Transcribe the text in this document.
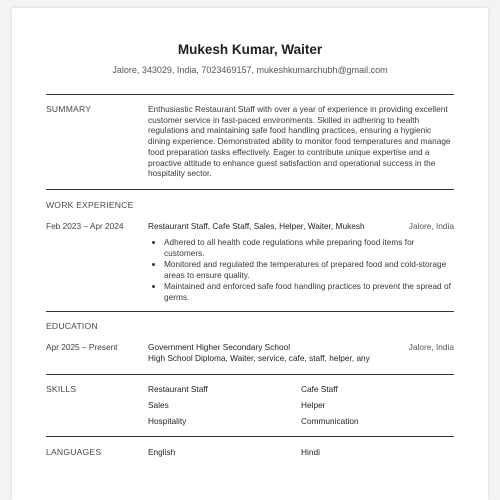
Mukesh Kumar, Waiter
Jalore, 343029, India, 7023469157, mukeshkumarchubh@gmail.com
SUMMARY	Enthusiastic Restaurant Staff with over a year of experience in providing excellent customer service in fast-paced environments. Skilled in adhering to health regulations and maintaining safe food handling practices, ensuring a hygienic dining experience. Demonstrated ability to monitor food temperatures and manage food preparation tasks effectively. Eager to contribute unique expertise and a proactive attitude to enhance guest satisfaction and operational success in the hospitality sector.
WORK EXPERIENCE
Feb 2023 – Apr 2024	Restaurant Staff, Cafe Staff, Sales, Helper, Waiter, Mukesh	Jalore, India
• Adhered to all health code regulations while preparing food items for customers.
• Monitored and regulated the temperatures of prepared food and cold-storage areas to ensure quality.
• Maintained and enforced safe food handling practices to prevent the spread of germs.
EDUCATION
Apr 2025 – Present	Government Higher Secondary School	Jalore, India
High School Diploma, Waiter, service, cafe, staff, helper, any
SKILLS	Restaurant Staff	Cafe Staff
Sales	Helper
Hospitality	Communication
LANGUAGES	English	Hindi
